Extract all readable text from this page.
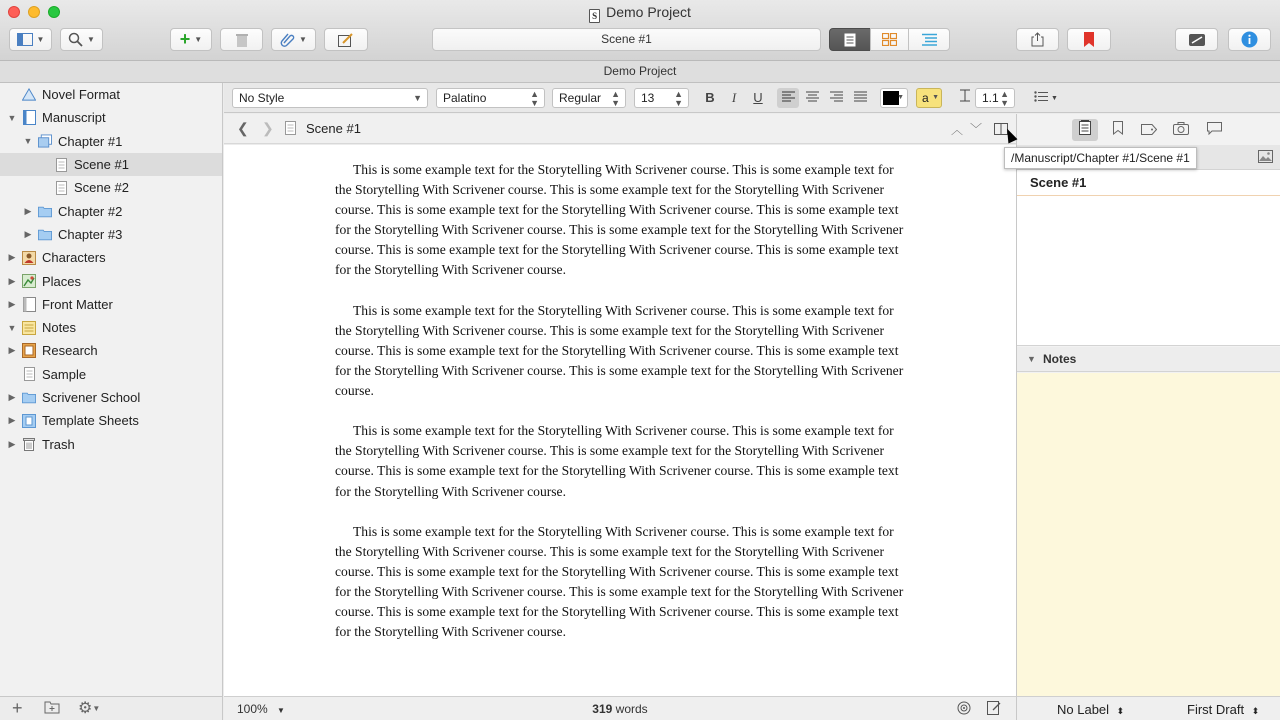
S Demo Project
▼	▼	+ ▼	▼	Scene #1
Demo Project
Novel Format
▼ Manuscript
▼ Chapter #1
Scene #1
Scene #2
▶ Chapter #2
▶ Chapter #3
▶ Characters
▶ Places
▶ Front Matter
▼ Notes
▶ Research
Sample
▶ Scrivener School
▶ Template Sheets
▶ Trash
+	⚙▼
No Style	▼	Palatino	▲
▼	Regular ▲
▼	13 ▲
▼	B	I	U	▼ a ▼	1.1 ▲
▼	▼
❮ ❯ Scene #1	︿ ﹀

This is some example text for the Storytelling With Scrivener course. This is some example text for the Storytelling With Scrivener course. This is some example text for the Storytelling With Scrivener course. This is some example text for the Storytelling With Scrivener course. This is some example text for the Storytelling With Scrivener course. This is some example text for the Storytelling With Scrivener course. This is some example text for the Storytelling With Scrivener course. This is some example text for the Storytelling With Scrivener course.

This is some example text for the Storytelling With Scrivener course. This is some example text for the Storytelling With Scrivener course. This is some example text for the Storytelling With Scrivener course. This is some example text for the Storytelling With Scrivener course. This is some example text for the Storytelling With Scrivener course. This is some example text for the Storytelling With Scrivener course.

This is some example text for the Storytelling With Scrivener course. This is some example text for the Storytelling With Scrivener course. This is some example text for the Storytelling With Scrivener course. This is some example text for the Storytelling With Scrivener course. This is some example text for the Storytelling With Scrivener course.

This is some example text for the Storytelling With Scrivener course. This is some example text for the Storytelling With Scrivener course. This is some example text for the Storytelling With Scrivener course. This is some example text for the Storytelling With Scrivener course. This is some example text for the Storytelling With Scrivener course. This is some example text for the Storytelling With Scrivener course. This is some example text for the Storytelling With Scrivener course. This is some example text for the Storytelling With Scrivener course.

100% ▼	319 words
Scene #1
▼ Notes
No Label ⬍	First Draft ⬍
/Manuscript/Chapter #1/Scene #1
